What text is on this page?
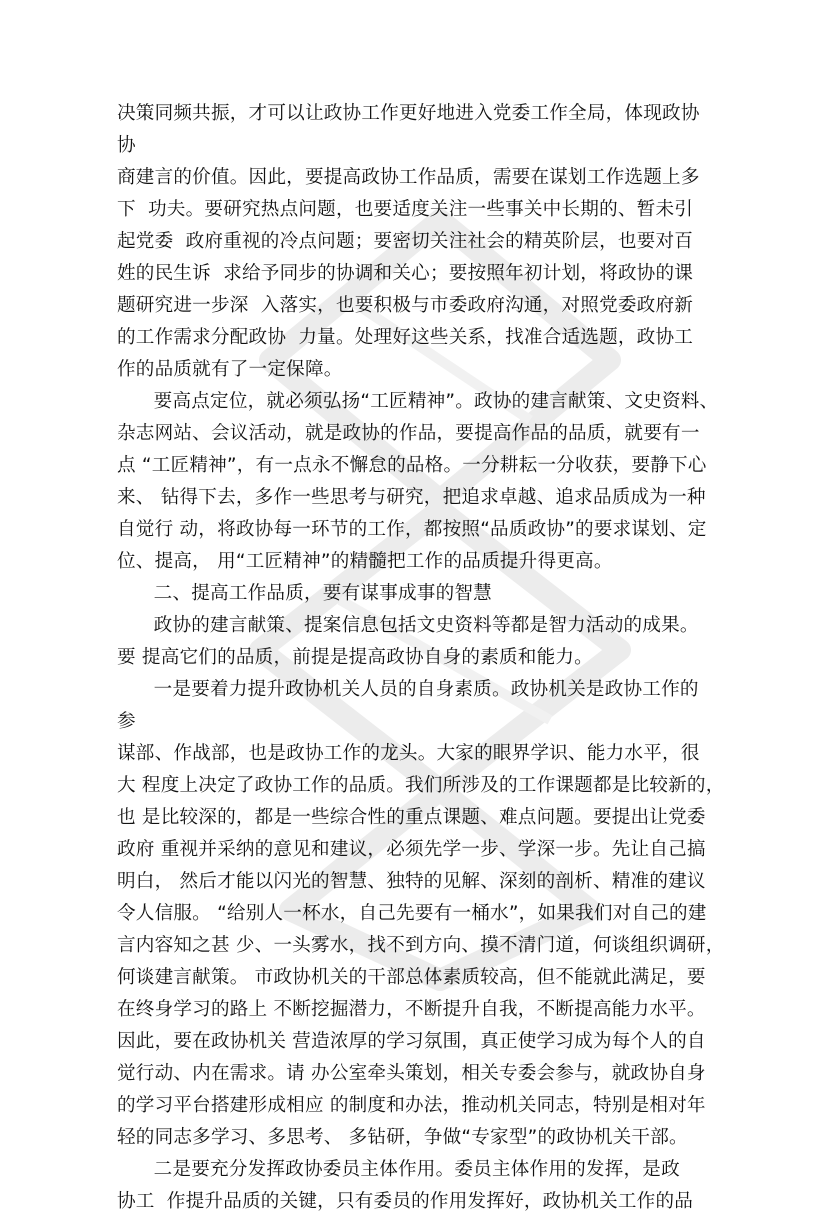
决策同频共振，才可以让政协工作更好地进入党委工作全局，体现政协
协
商建言的价值。因此，要提高政协工作品质，需要在谋划工作选题上多
下  功夫。要研究热点问题，也要适度关注一些事关中长期的、暂未引
起党委  政府重视的冷点问题；要密切关注社会的精英阶层，也要对百
姓的民生诉  求给予同步的协调和关心；要按照年初计划，将政协的课
题研究进一步深  入落实，也要积极与市委政府沟通，对照党委政府新
的工作需求分配政协  力量。处理好这些关系，找准合适选题，政协工
作的品质就有了一定保障。
要高点定位，就必须弘扬“工匠精神”。政协的建言献策、文史资料、
杂志网站、会议活动，就是政协的作品，要提高作品的品质，就要有一
点 “工匠精神”，有一点永不懈怠的品格。一分耕耘一分收获，要静下心
来、 钻得下去，多作一些思考与研究，把追求卓越、追求品质成为一种
自觉行 动，将政协每一环节的工作，都按照“品质政协”的要求谋划、定
位、提高， 用“工匠精神”的精髓把工作的品质提升得更高。
二、提高工作品质，要有谋事成事的智慧
政协的建言献策、提案信息包括文史资料等都是智力活动的成果。
要 提高它们的品质，前提是提高政协自身的素质和能力。
一是要着力提升政协机关人员的自身素质。政协机关是政协工作的
参
谋部、作战部，也是政协工作的龙头。大家的眼界学识、能力水平，很
大 程度上决定了政协工作的品质。我们所涉及的工作课题都是比较新的，
也 是比较深的，都是一些综合性的重点课题、难点问题。要提出让党委
政府 重视并采纳的意见和建议，必须先学一步、学深一步。先让自己搞
明白， 然后才能以闪光的智慧、独特的见解、深刻的剖析、精准的建议
令人信服。 “给别人一杯水，自己先要有一桶水”，如果我们对自己的建
言内容知之甚 少、一头雾水，找不到方向、摸不清门道，何谈组织调研，
何谈建言献策。 市政协机关的干部总体素质较高，但不能就此满足，要
在终身学习的路上 不断挖掘潜力，不断提升自我，不断提高能力水平。
因此，要在政协机关 营造浓厚的学习氛围，真正使学习成为每个人的自
觉行动、内在需求。请 办公室牵头策划，相关专委会参与，就政协自身
的学习平台搭建形成相应 的制度和办法，推动机关同志，特别是相对年
轻的同志多学习、多思考、 多钻研，争做“专家型”的政协机关干部。
二是要充分发挥政协委员主体作用。委员主体作用的发挥，是政
协工  作提升品质的关键，只有委员的作用发挥好，政协机关工作的品
